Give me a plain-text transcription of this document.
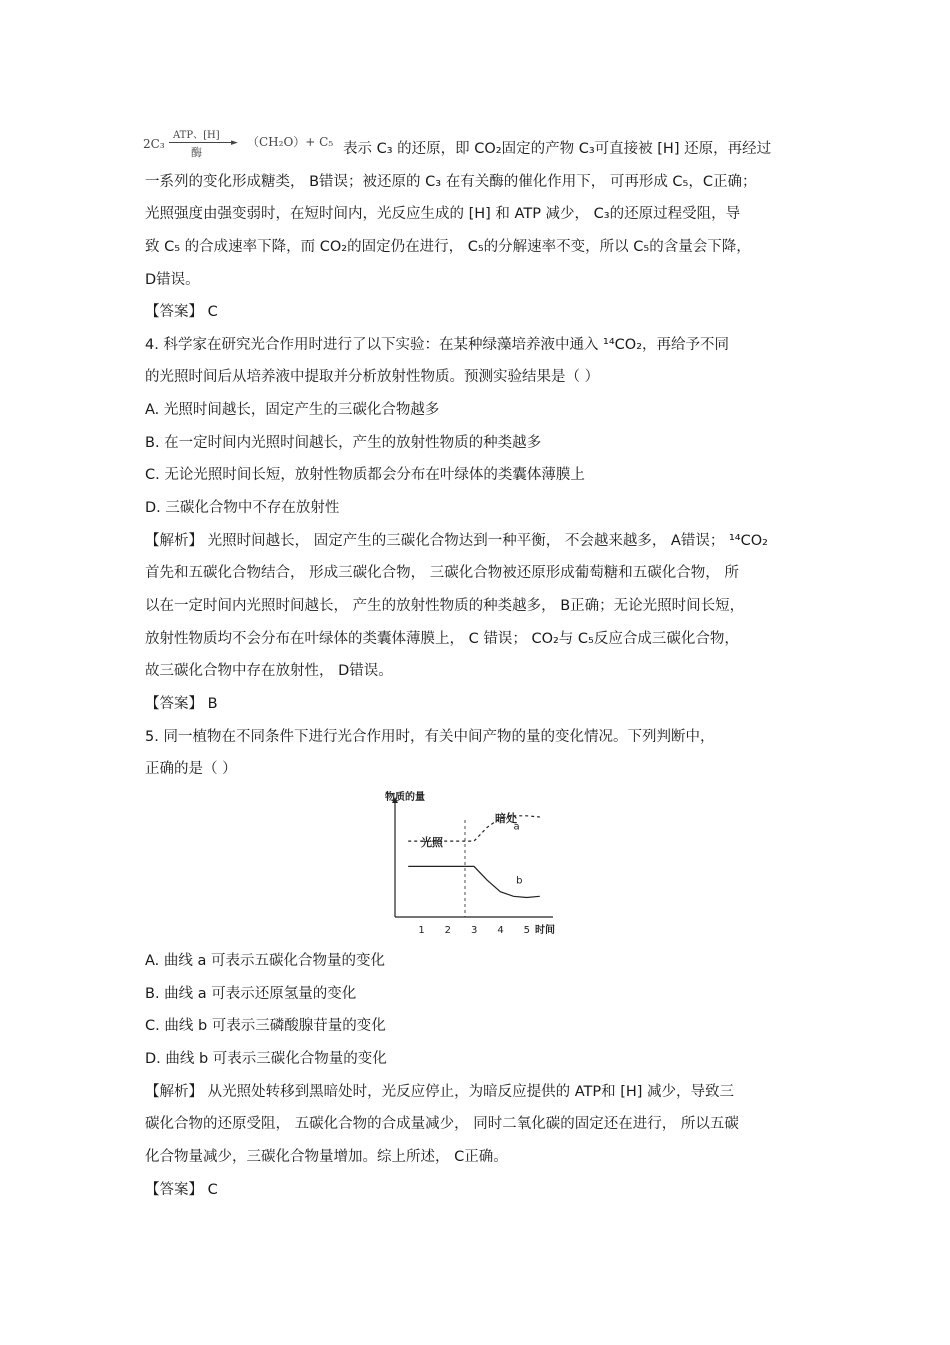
2C₃
ATP、[H]
►
酶
（CH₂O）+ C₅ 表示 C₃ 的还原，即 CO₂固定的产物 C₃可直接被 [H] 还原，再经过
一系列的变化形成糖类， B错误；被还原的 C₃ 在有关酶的催化作用下， 可再形成 C₅，C正确；
光照强度由强变弱时，在短时间内，光反应生成的 [H] 和 ATP 减少， C₃的还原过程受阻，导
致 C₅ 的合成速率下降，而 CO₂的固定仍在进行， C₅的分解速率不变，所以 C₅的含量会下降，
D错误。
【答案】 C
4. 科学家在研究光合作用时进行了以下实验：在某种绿藻培养液中通入 ¹⁴CO₂，再给予不同
的光照时间后从培养液中提取并分析放射性物质。预测实验结果是（ ）
A. 光照时间越长，固定产生的三碳化合物越多
B. 在一定时间内光照时间越长，产生的放射性物质的种类越多
C. 无论光照时间长短，放射性物质都会分布在叶绿体的类囊体薄膜上
D. 三碳化合物中不存在放射性
【解析】 光照时间越长， 固定产生的三碳化合物达到一种平衡， 不会越来越多， A错误； ¹⁴CO₂
首先和五碳化合物结合， 形成三碳化合物， 三碳化合物被还原形成葡萄糖和五碳化合物， 所
以在一定时间内光照时间越长， 产生的放射性物质的种类越多， B正确；无论光照时间长短，
放射性物质均不会分布在叶绿体的类囊体薄膜上， C 错误； CO₂与 C₅反应合成三碳化合物，
故三碳化合物中存在放射性， D错误。
【答案】 B
5. 同一植物在不同条件下进行光合作用时，有关中间产物的量的变化情况。下列判断中，
正确的是（ ）
物质的量
时间
光照
暗处
1 2 3 4 5
a
b
A. 曲线 a 可表示五碳化合物量的变化
B. 曲线 a 可表示还原氢量的变化
C. 曲线 b 可表示三磷酸腺苷量的变化
D. 曲线 b 可表示三碳化合物量的变化
【解析】 从光照处转移到黑暗处时，光反应停止，为暗反应提供的 ATP和 [H] 减少，导致三
碳化合物的还原受阻， 五碳化合物的合成量减少， 同时二氧化碳的固定还在进行， 所以五碳
化合物量减少，三碳化合物量增加。综上所述， C正确。
【答案】 C
